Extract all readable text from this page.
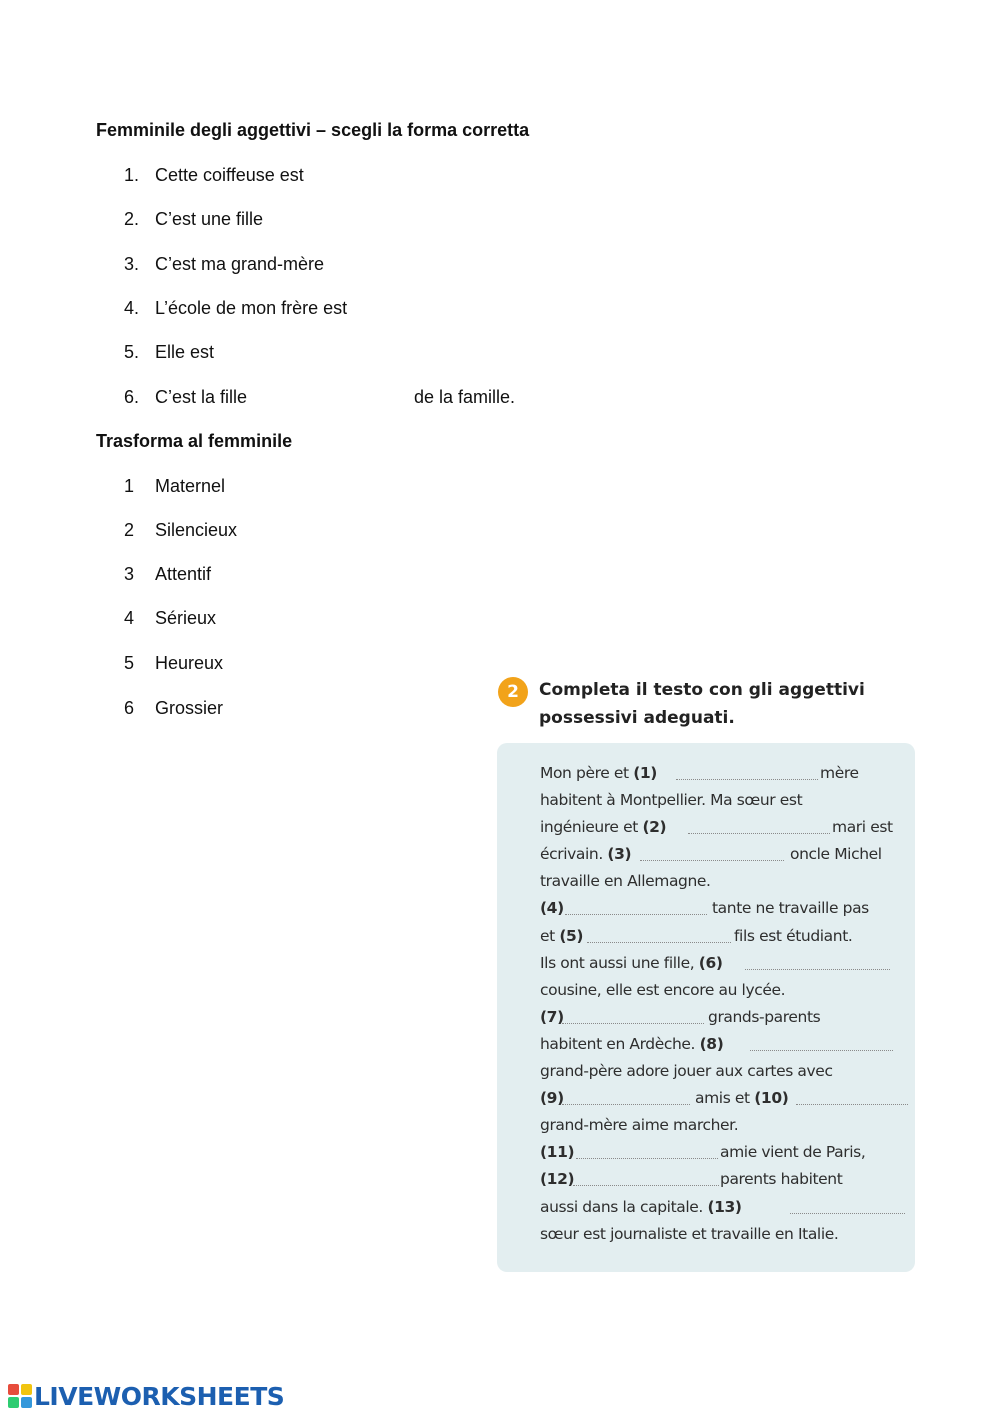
Femminile degli aggettivi – scegli la forma corretta
1. Cette coiffeuse est
2. C’est une fille
3. C’est ma grand-mère
4. L’école de mon frère est
5. Elle est
6. C’est la fille	de la famille.
Trasforma al femminile
1 Maternel
2 Silencieux
3 Attentif
4 Sérieux
5 Heureux
6 Grossier
2	Completa il testo con gli aggettivi possessivi adeguati.
Mon père et (1)	mère
habitent à Montpellier. Ma sœur est
ingénieure et (2)	mari est
écrivain. (3)	oncle Michel
travaille en Allemagne.
(4)	tante ne travaille pas
et (5)	fils est étudiant.
Ils ont aussi une fille, (6)
cousine, elle est encore au lycée.
(7)	grands-parents
habitent en Ardèche. (8)
grand-père adore jouer aux cartes avec
(9)	amis et (10)
grand-mère aime marcher.
(11)	amie vient de Paris,
(12)	parents habitent
aussi dans la capitale. (13)
sœur est journaliste et travaille en Italie.
LIVEWORKSHEETS
